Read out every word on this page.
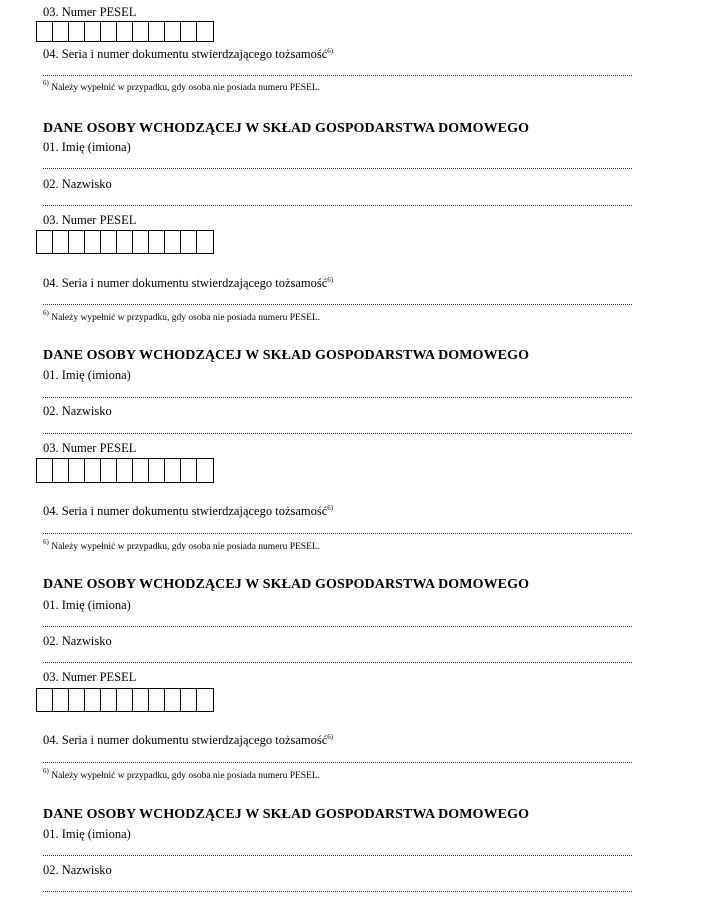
03. Numer PESEL
04. Seria i numer dokumentu stwierdzającego tożsamość$^{6)}$
$^{6)}$ Należy wypełnić w przypadku, gdy osoba nie posiada numeru PESEL.
DANE OSOBY WCHODZĄCEJ W SKŁAD GOSPODARSTWA DOMOWEGO
01. Imię (imiona)
02. Nazwisko
03. Numer PESEL
04. Seria i numer dokumentu stwierdzającego tożsamość$^{6)}$
$^{6)}$ Należy wypełnić w przypadku, gdy osoba nie posiada numeru PESEL.
DANE OSOBY WCHODZĄCEJ W SKŁAD GOSPODARSTWA DOMOWEGO
01. Imię (imiona)
02. Nazwisko
03. Numer PESEL
04. Seria i numer dokumentu stwierdzającego tożsamość$^{6)}$
$^{6)}$ Należy wypełnić w przypadku, gdy osoba nie posiada numeru PESEL.
DANE OSOBY WCHODZĄCEJ W SKŁAD GOSPODARSTWA DOMOWEGO
01. Imię (imiona)
02. Nazwisko
03. Numer PESEL
04. Seria i numer dokumentu stwierdzającego tożsamość$^{6)}$
$^{6)}$ Należy wypełnić w przypadku, gdy osoba nie posiada numeru PESEL.
DANE OSOBY WCHODZĄCEJ W SKŁAD GOSPODARSTWA DOMOWEGO
01. Imię (imiona)
02. Nazwisko
